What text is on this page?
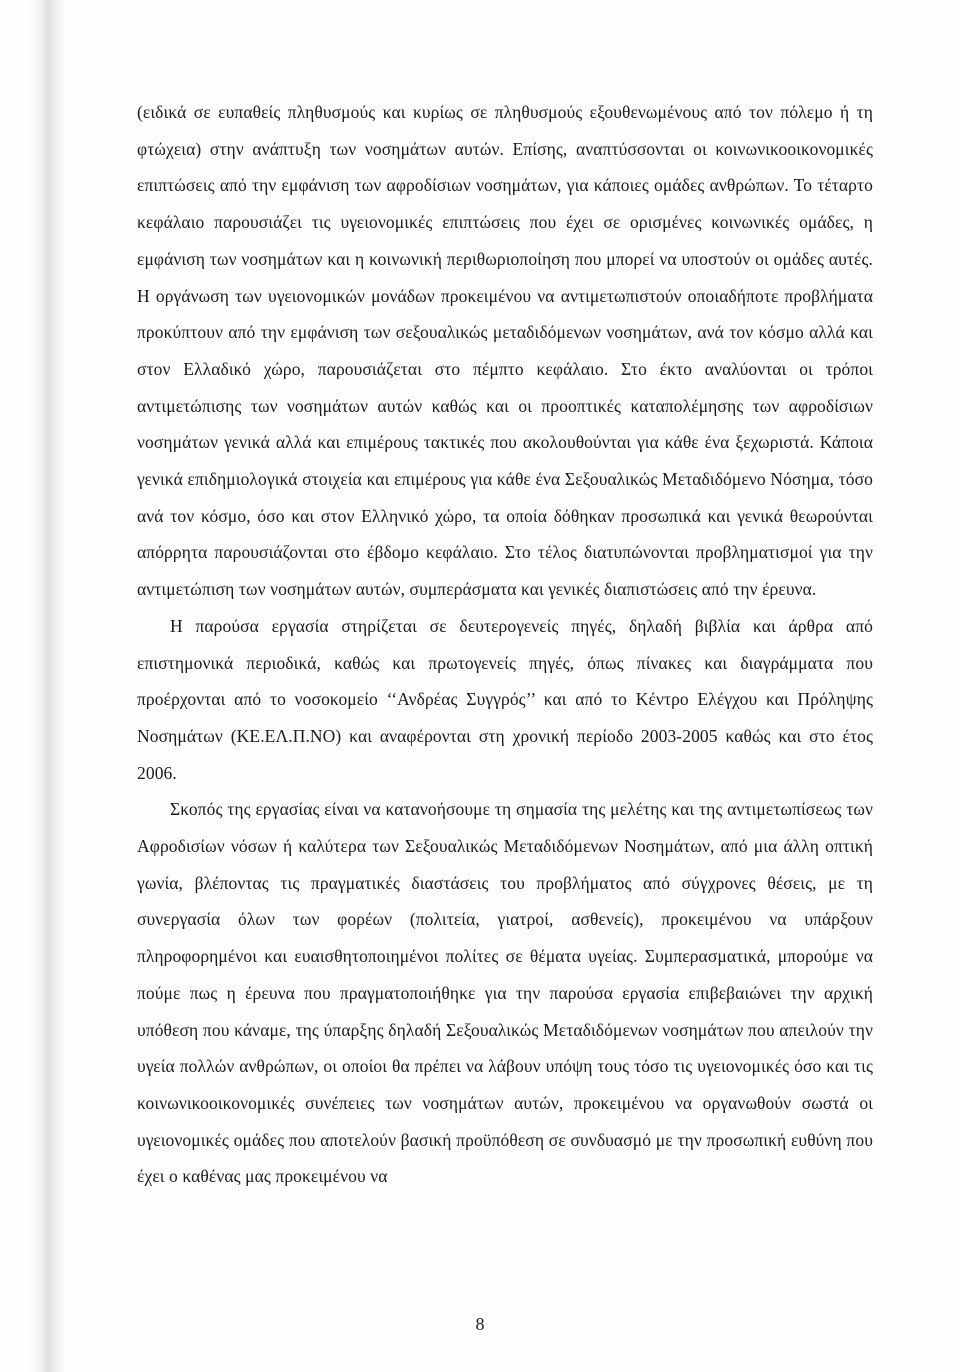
(ειδικά σε ευπαθείς πληθυσμούς και κυρίως σε πληθυσμούς εξουθενωμένους από τον πόλεμο ή τη φτώχεια) στην ανάπτυξη των νοσημάτων αυτών. Επίσης, αναπτύσσονται οι κοινωνικοοικονομικές επιπτώσεις από την εμφάνιση των αφροδίσιων νοσημάτων, για κάποιες ομάδες ανθρώπων. Το τέταρτο κεφάλαιο παρουσιάζει τις υγειονομικές επιπτώσεις που έχει σε ορισμένες κοινωνικές ομάδες, η εμφάνιση των νοσημάτων και η κοινωνική περιθωριοποίηση που μπορεί να υποστούν οι ομάδες αυτές. Η οργάνωση των υγειονομικών μονάδων προκειμένου να αντιμετωπιστούν οποιαδήποτε προβλήματα προκύπτουν από την εμφάνιση των σεξουαλικώς μεταδιδόμενων νοσημάτων, ανά τον κόσμο αλλά και στον Ελλαδικό χώρο, παρουσιάζεται στο πέμπτο κεφάλαιο. Στο έκτο αναλύονται οι τρόποι αντιμετώπισης των νοσημάτων αυτών καθώς και οι προοπτικές καταπολέμησης των αφροδίσιων νοσημάτων γενικά αλλά και επιμέρους τακτικές που ακολουθούνται για κάθε ένα ξεχωριστά. Κάποια γενικά επιδημιολογικά στοιχεία και επιμέρους για κάθε ένα Σεξουαλικώς Μεταδιδόμενο Νόσημα, τόσο ανά τον κόσμο, όσο και στον Ελληνικό χώρο, τα οποία δόθηκαν προσωπικά και γενικά θεωρούνται απόρρητα παρουσιάζονται στο έβδομο κεφάλαιο. Στο τέλος διατυπώνονται προβληματισμοί για την αντιμετώπιση των νοσημάτων αυτών, συμπεράσματα και γενικές διαπιστώσεις από την έρευνα.

Η παρούσα εργασία στηρίζεται σε δευτερογενείς πηγές, δηλαδή βιβλία και άρθρα από επιστημονικά περιοδικά, καθώς και πρωτογενείς πηγές, όπως πίνακες και διαγράμματα που προέρχονται από το νοσοκομείο ‘‘Ανδρέας Συγγρός’’ και από το Κέντρο Ελέγχου και Πρόληψης Νοσημάτων (ΚΕ.ΕΛ.Π.ΝΟ) και αναφέρονται στη χρονική περίοδο 2003-2005 καθώς και στο έτος 2006.

Σκοπός της εργασίας είναι να κατανοήσουμε τη σημασία της μελέτης και της αντιμετωπίσεως των Αφροδισίων νόσων ή καλύτερα των Σεξουαλικώς Μεταδιδόμενων Νοσημάτων, από μια άλλη οπτική γωνία, βλέποντας τις πραγματικές διαστάσεις του προβλήματος από σύγχρονες θέσεις, με τη συνεργασία όλων των φορέων (πολιτεία, γιατροί, ασθενείς), προκειμένου να υπάρξουν πληροφορημένοι και ευαισθητοποιημένοι πολίτες σε θέματα υγείας. Συμπερασματικά, μπορούμε να πούμε πως η έρευνα που πραγματοποιήθηκε για την παρούσα εργασία επιβεβαιώνει την αρχική υπόθεση που κάναμε, της ύπαρξης δηλαδή Σεξουαλικώς Μεταδιδόμενων νοσημάτων που απειλούν την υγεία πολλών ανθρώπων, οι οποίοι θα πρέπει να λάβουν υπόψη τους τόσο τις υγειονομικές όσο και τις κοινωνικοοικονομικές συνέπειες των νοσημάτων αυτών, προκειμένου να οργανωθούν σωστά οι υγειονομικές ομάδες που αποτελούν βασική προϋπόθεση σε συνδυασμό με την προσωπική ευθύνη που έχει ο καθένας μας προκειμένου να

8
